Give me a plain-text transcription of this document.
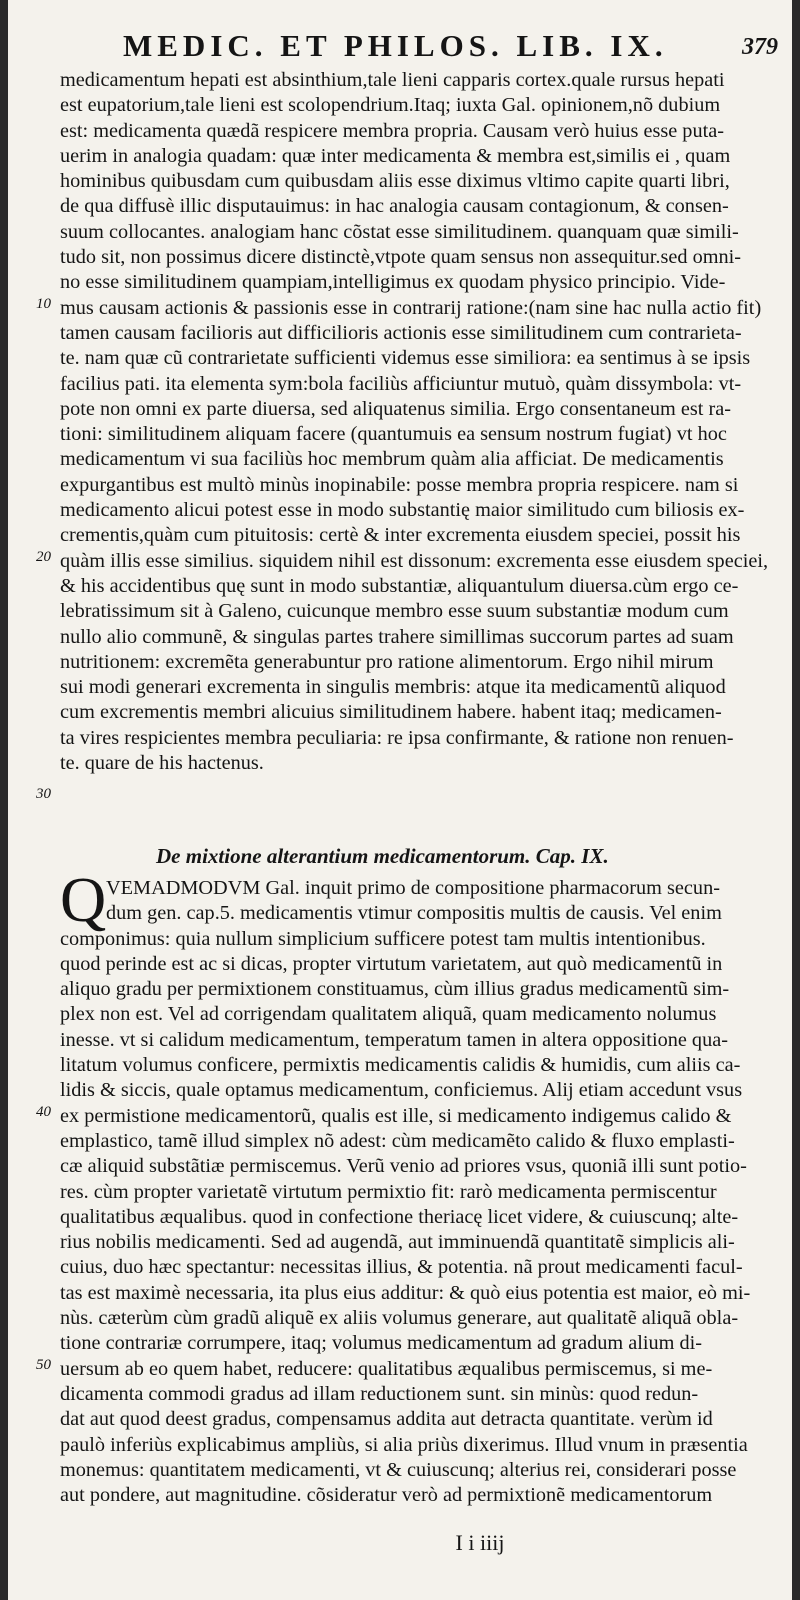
MEDIC. ET PHILOS. LIB. IX.	379
medicamentum hepati est absinthium,tale lieni capparis cortex.quale rursus hepati
est eupatorium,tale lieni est scolopendrium.Itaq; iuxta Gal. opinionem,nõ dubium
est: medicamenta quædã respicere membra propria. Causam verò huius esse puta-
uerim in analogia quadam: quæ inter medicamenta & membra est,similis ei , quam
hominibus quibusdam cum quibusdam aliis esse diximus vltimo capite quarti libri,
de qua diffusè illic disputauimus: in hac analogia causam contagionum, & consen-
suum collocantes. analogiam hanc cõstat esse similitudinem. quanquam quæ simili-
tudo sit, non possimus dicere distinctè,vtpote quam sensus non assequitur.sed omni-
no esse similitudinem quampiam,intelligimus ex quodam physico principio. Vide-
mus causam actionis & passionis esse in contrarij ratione:(nam sine hac nulla actio fit)
tamen causam facilioris aut difficilioris actionis esse similitudinem cum contrarieta-
te. nam quæ cũ contrarietate sufficienti videmus esse similiora: ea sentimus à se ipsis
facilius pati. ita elementa sym:bola faciliùs afficiuntur mutuò, quàm dissymbola: vt-
pote non omni ex parte diuersa, sed aliquatenus similia. Ergo consentaneum est ra-
tioni: similitudinem aliquam facere (quantumuis ea sensum nostrum fugiat) vt hoc
medicamentum vi sua faciliùs hoc membrum quàm alia afficiat. De medicamentis
expurgantibus est multò minùs inopinabile: posse membra propria respicere. nam si
medicamento alicui potest esse in modo substantię maior similitudo cum biliosis ex-
crementis,quàm cum pituitosis: certè & inter excrementa eiusdem speciei, possit his
quàm illis esse similius. siquidem nihil est dissonum: excrementa esse eiusdem speciei,
& his accidentibus quę sunt in modo substantiæ, aliquantulum diuersa.cùm ergo ce-
lebratissimum sit à Galeno, cuicunque membro esse suum substantiæ modum cum
nullo alio communẽ, & singulas partes trahere simillimas succorum partes ad suam
nutritionem: excremẽta generabuntur pro ratione alimentorum. Ergo nihil mirum
sui modi generari excrementa in singulis membris: atque ita medicamentũ aliquod
cum excrementis membri alicuius similitudinem habere. habent itaq; medicamen-
ta vires respicientes membra peculiaria: re ipsa confirmante, & ratione non renuen-
te. quare de his hactenus.
10
20
30
De mixtione alterantium medicamentorum. Cap. IX.
VEMADMODVM Gal. inquit primo de compositione pharmacorum secun-
dum gen. cap.5. medicamentis vtimur compositis multis de causis. Vel enim
componimus: quia nullum simplicium sufficere potest tam multis intentionibus.
quod perinde est ac si dicas, propter virtutum varietatem, aut quò medicamentũ in
aliquo gradu per permixtionem constituamus, cùm illius gradus medicamentũ sim-
plex non est. Vel ad corrigendam qualitatem aliquã, quam medicamento nolumus
inesse. vt si calidum medicamentum, temperatum tamen in altera oppositione qua-
litatum volumus conficere, permixtis medicamentis calidis & humidis, cum aliis ca-
lidis & siccis, quale optamus medicamentum, conficiemus. Alij etiam accedunt vsus
ex permistione medicamentorũ, qualis est ille, si medicamento indigemus calido &
emplastico, tamẽ illud simplex nõ adest: cùm medicamẽto calido & fluxo emplasti-
cæ aliquid substãtiæ permiscemus. Verũ venio ad priores vsus, quoniã illi sunt potio-
res. cùm propter varietatẽ virtutum permixtio fit: rarò medicamenta permiscentur
qualitatibus æqualibus. quod in confectione theriacę licet videre, & cuiuscunq; alte-
rius nobilis medicamenti. Sed ad augendã, aut imminuendã quantitatẽ simplicis ali-
cuius, duo hæc spectantur: necessitas illius, & potentia. nã prout medicamenti facul-
tas est maximè necessaria, ita plus eius additur: & quò eius potentia est maior, eò mi-
nùs. cæterùm cùm gradũ aliquẽ ex aliis volumus generare, aut qualitatẽ aliquã obla-
tione contrariæ corrumpere, itaq; volumus medicamentum ad gradum alium di-
uersum ab eo quem habet, reducere: qualitatibus æqualibus permiscemus, si me-
dicamenta commodi gradus ad illam reductionem sunt. sin minùs: quod redun-
dat aut quod deest gradus, compensamus addita aut detracta quantitate. verùm id
paulò inferiùs explicabimus ampliùs, si alia priùs dixerimus. Illud vnum in præsentia
monemus: quantitatem medicamenti, vt & cuiuscunq; alterius rei, considerari posse
aut pondere, aut magnitudine. cõsideratur verò ad permixtionẽ medicamentorum
Q
40
50
I i iiij
